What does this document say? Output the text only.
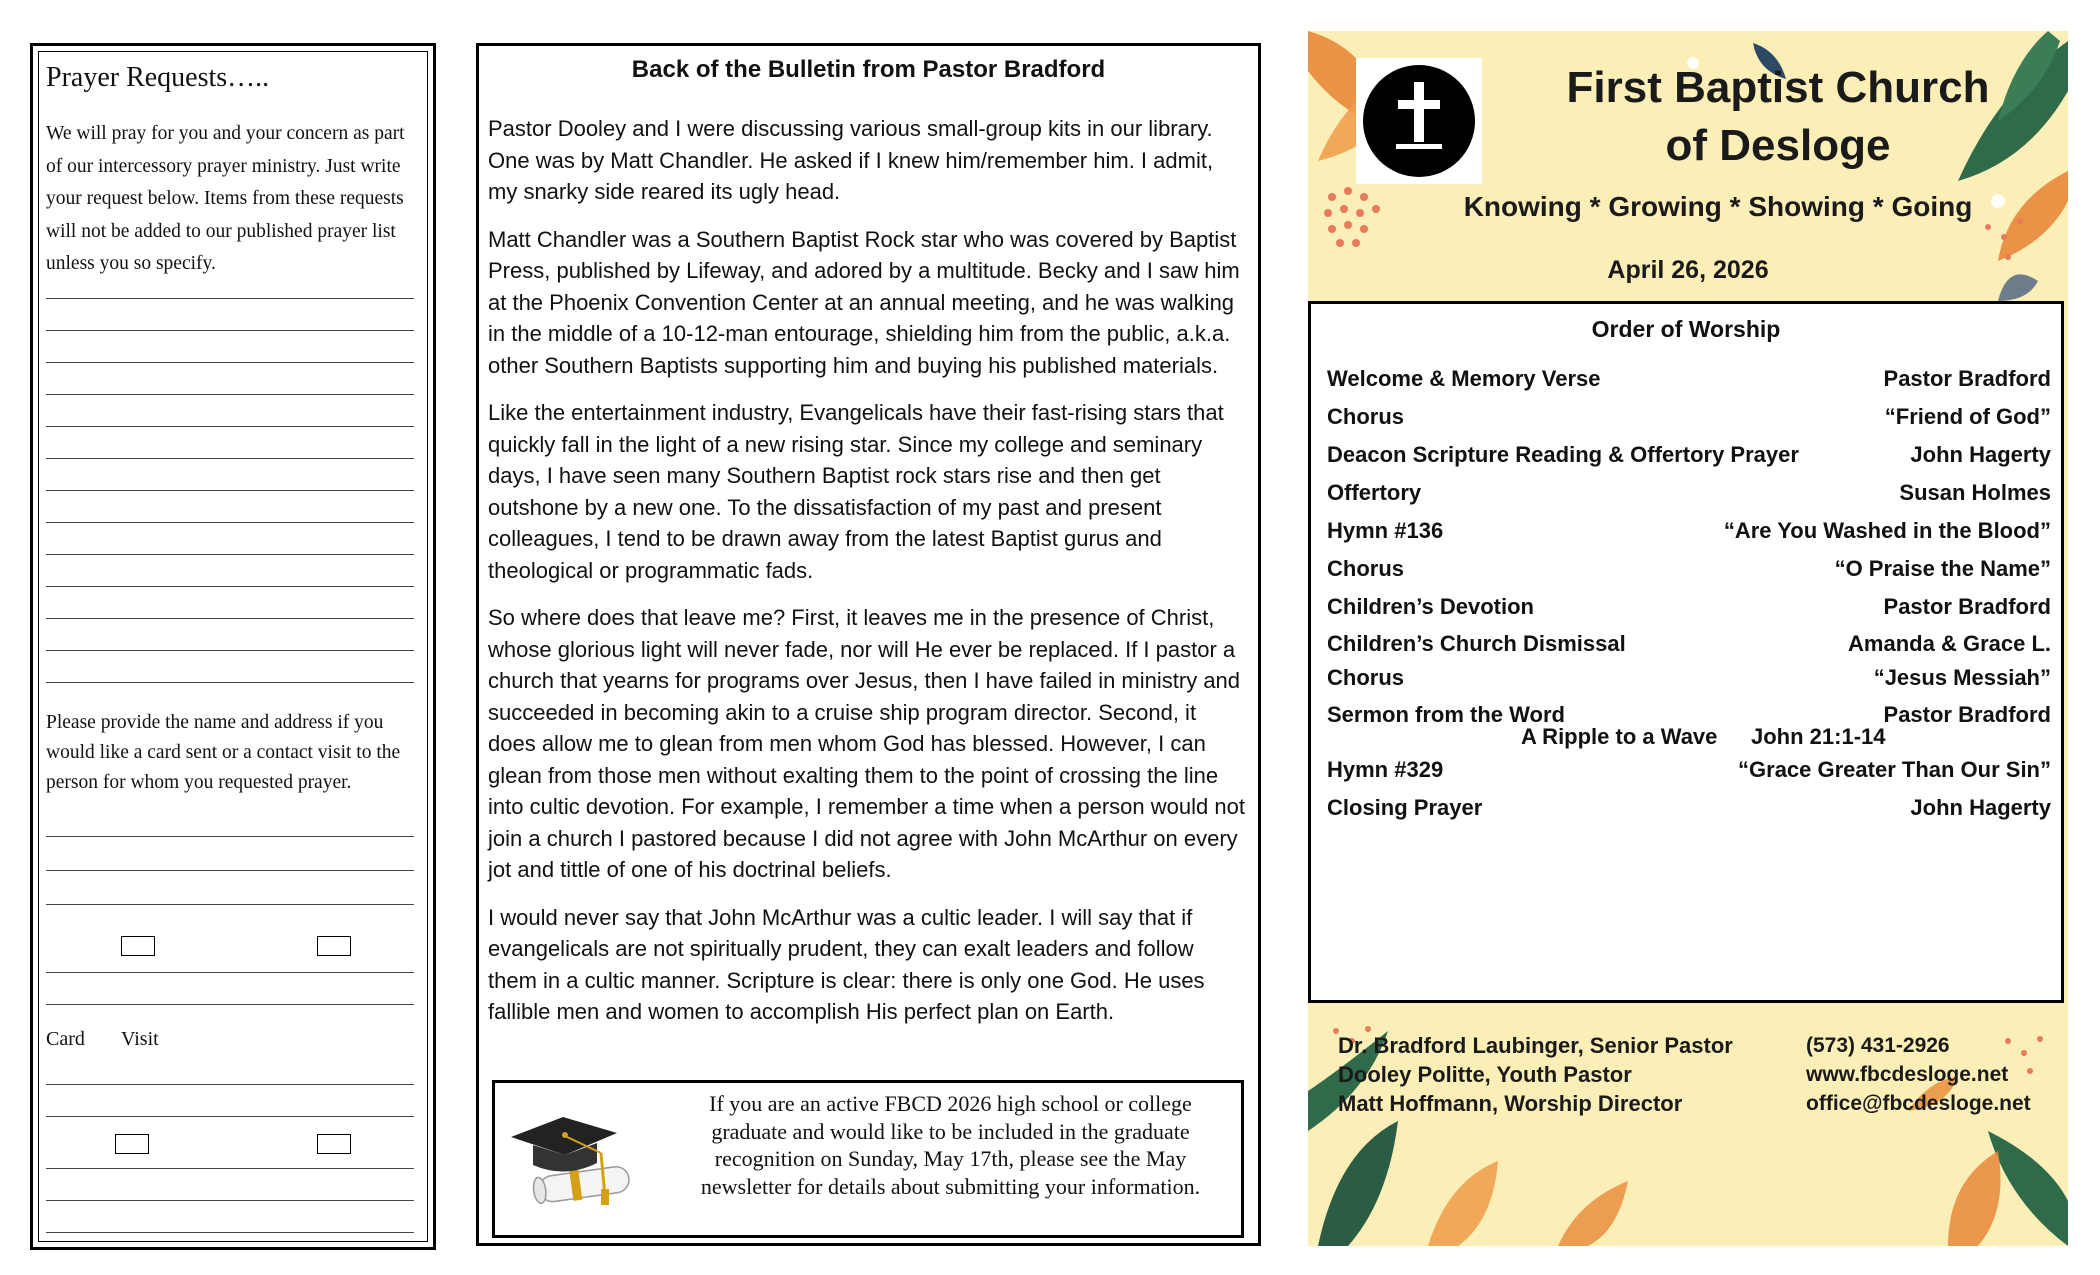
Prayer Requests…..
We will pray for you and your concern as part of our intercessory prayer ministry. Just write your request below. Items from these requests will not be added to our published prayer list unless you so specify.
Please provide the name and address if you would like a card sent or a contact visit to the person for whom you requested prayer.
Card Visit
Back of the Bulletin from Pastor Bradford

Pastor Dooley and I were discussing various small-group kits in our library. One was by Matt Chandler. He asked if I knew him/remember him. I admit, my snarky side reared its ugly head.

Matt Chandler was a Southern Baptist Rock star who was covered by Baptist Press, published by Lifeway, and adored by a multitude. Becky and I saw him at the Phoenix Convention Center at an annual meeting, and he was walking in the middle of a 10-12-man entourage, shielding him from the public, a.k.a. other Southern Baptists supporting him and buying his published materials.

Like the entertainment industry, Evangelicals have their fast-rising stars that quickly fall in the light of a new rising star. Since my college and seminary days, I have seen many Southern Baptist rock stars rise and then get outshone by a new one. To the dissatisfaction of my past and present colleagues, I tend to be drawn away from the latest Baptist gurus and theological or programmatic fads.

So where does that leave me? First, it leaves me in the presence of Christ, whose glorious light will never fade, nor will He ever be replaced. If I pastor a church that yearns for programs over Jesus, then I have failed in ministry and succeeded in becoming akin to a cruise ship program director. Second, it does allow me to glean from men whom God has blessed. However, I can glean from those men without exalting them to the point of crossing the line into cultic devotion. For example, I remember a time when a person would not join a church I pastored because I did not agree with John McArthur on every jot and tittle of one of his doctrinal beliefs.

I would never say that John McArthur was a cultic leader. I will say that if evangelicals are not spiritually prudent, they can exalt leaders and follow them in a cultic manner. Scripture is clear: there is only one God. He uses fallible men and women to accomplish His perfect plan on Earth.

If you are an active FBCD 2026 high school or college graduate and would like to be included in the graduate recognition on Sunday, May 17th, please see the May newsletter for details about submitting your information.
First Baptist Church
of Desloge
Knowing * Growing * Showing * Going
April 26, 2026
Order of Worship
Welcome & Memory Verse	Pastor Bradford
Chorus	“Friend of God”
Deacon Scripture Reading & Offertory Prayer	John Hagerty
Offertory	Susan Holmes
Hymn #136	“Are You Washed in the Blood”
Chorus	“O Praise the Name”
Children’s Devotion	Pastor Bradford
Children’s Church Dismissal	Amanda & Grace L.
Chorus	“Jesus Messiah”
Sermon from the Word	Pastor Bradford
A Ripple to a Wave John 21:1-14
Hymn #329	“Grace Greater Than Our Sin”
Closing Prayer	John Hagerty
Dr. Bradford Laubinger, Senior Pastor
Dooley Politte, Youth Pastor
Matt Hoffmann, Worship Director
(573) 431-2926
www.fbcdesloge.net
office@fbcdesloge.net
